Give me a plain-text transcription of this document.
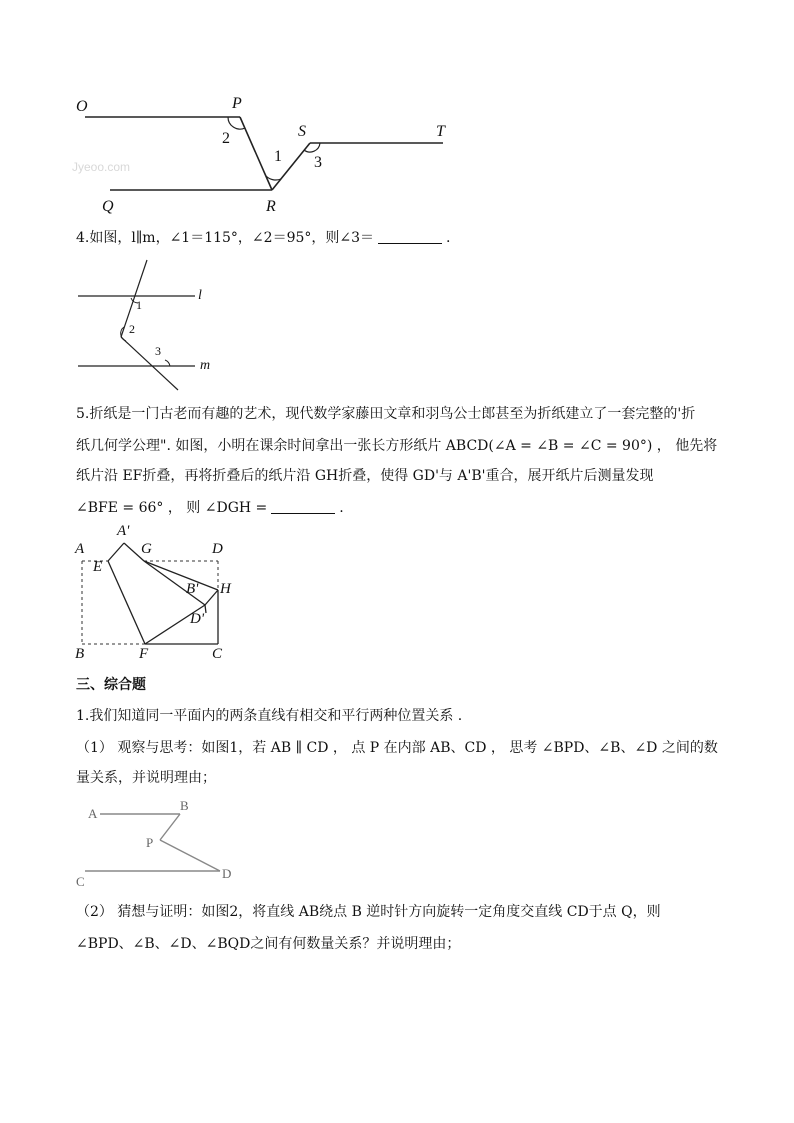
O	P
S	T
Q	R
2
1 3
Jyeoo.com
4.如图，l∥m，∠1＝115°，∠2＝95°，则∠3＝	.
l
m
1
2
3
5.折纸是一门古老而有趣的艺术，现代数学家藤田文章和羽鸟公士郎甚至为折纸建立了一套完整的'折
纸几何学公理". 如图，小明在课余时间拿出一张长方形纸片 ABCD(∠A = ∠B = ∠C = 90°) ， 他先将
纸片沿 EF折叠，再将折叠后的纸片沿 GH折叠，使得 GD'与 A'B'重合，展开纸片后测量发现
∠BFE = 66° ， 则 ∠DGH =	.
A
A'
G	D
E
B' H
D'
B	F	C
三、综合题
1.我们知道同一平面内的两条直线有相交和平行两种位置关系 .
（1） 观察与思考：如图1，若 AB ∥ CD ， 点 P 在内部 AB、CD ， 思考 ∠BPD、∠B、∠D 之间的数
量关系，并说明理由；
A
B
P
C
D
（2） 猜想与证明：如图2，将直线 AB绕点 B 逆时针方向旋转一定角度交直线 CD于点 Q，则
∠BPD、∠B、∠D、∠BQD之间有何数量关系？并说明理由；
